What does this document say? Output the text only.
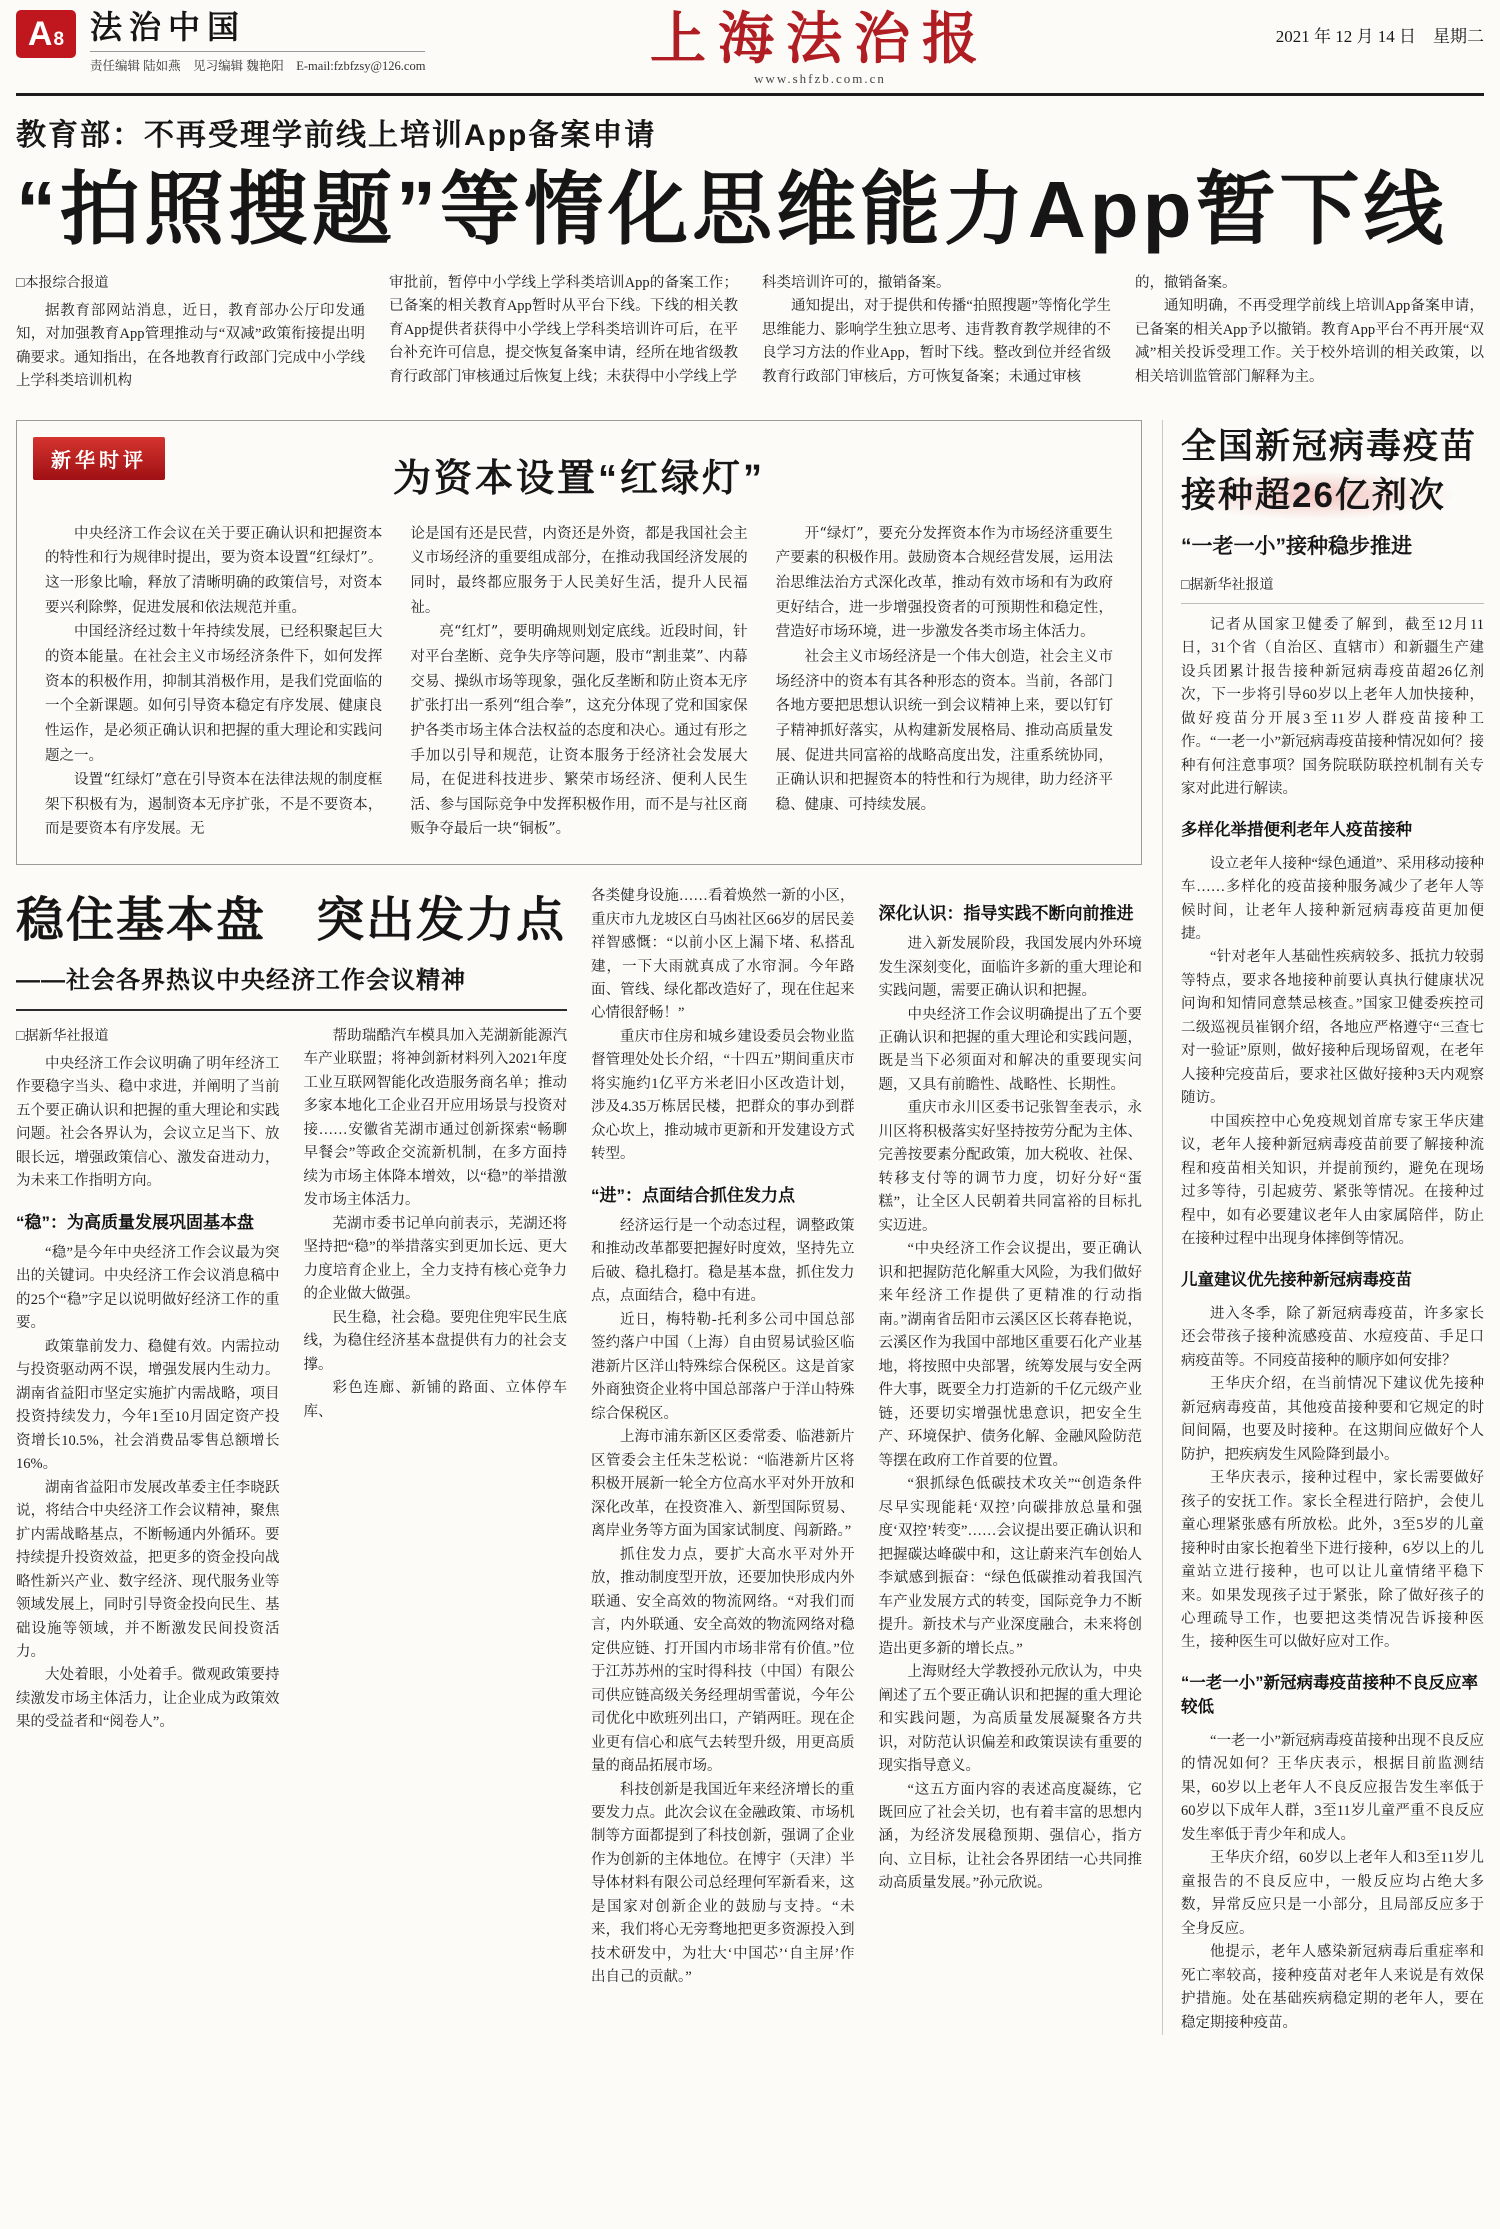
A 8 法治中国
责任编辑 陆如燕　见习编辑 魏艳阳　E-mail:fzbfzsy@126.com	上海法治报
www.shfzb.com.cn
2021 年 12 月 14 日　星期二
教育部：不再受理学前线上培训App备案申请
“拍照搜题”等惰化思维能力App暂下线
□本报综合报道

据教育部网站消息，近日，教育部办公厅印发通知，对加强教育App管理推动与“双减”政策衔接提出明确要求。通知指出，在各地教育行政部门完成中小学线上学科类培训机构

审批前，暂停中小学线上学科类培训App的备案工作；已备案的相关教育App暂时从平台下线。下线的相关教育App提供者获得中小学线上学科类培训许可后，在平台补充许可信息，提交恢复备案申请，经所在地省级教育行政部门审核通过后恢复上线；未获得中小学线上学

科类培训许可的，撤销备案。

通知提出，对于提供和传播“拍照搜题”等惰化学生思维能力、影响学生独立思考、违背教育教学规律的不良学习方法的作业App，暂时下线。整改到位并经省级教育行政部门审核后，方可恢复备案；未通过审核

的，撤销备案。

通知明确，不再受理学前线上培训App备案申请，已备案的相关App予以撤销。教育App平台不再开展“双减”相关投诉受理工作。关于校外培训的相关政策，以相关培训监管部门解释为主。

新华时评	为资本设置“红绿灯”

中央经济工作会议在关于要正确认识和把握资本的特性和行为规律时提出，要为资本设置“红绿灯”。这一形象比喻，释放了清晰明确的政策信号，对资本要兴利除弊，促进发展和依法规范并重。

中国经济经过数十年持续发展，已经积聚起巨大的资本能量。在社会主义市场经济条件下，如何发挥资本的积极作用，抑制其消极作用，是我们党面临的一个全新课题。如何引导资本稳定有序发展、健康良性运作，是必须正确认识和把握的重大理论和实践问题之一。

设置“红绿灯”意在引导资本在法律法规的制度框架下积极有为，遏制资本无序扩张，不是不要资本，而是要资本有序发展。无

论是国有还是民营，内资还是外资，都是我国社会主义市场经济的重要组成部分，在推动我国经济发展的同时，最终都应服务于人民美好生活，提升人民福祉。

亮“红灯”，要明确规则划定底线。近段时间，针对平台垄断、竞争失序等问题，股市“割韭菜”、内幕交易、操纵市场等现象，强化反垄断和防止资本无序扩张打出一系列“组合拳”，这充分体现了党和国家保护各类市场主体合法权益的态度和决心。通过有形之手加以引导和规范，让资本服务于经济社会发展大局，在促进科技进步、繁荣市场经济、便利人民生活、参与国际竞争中发挥积极作用，而不是与社区商贩争夺最后一块“铜板”。

开“绿灯”，要充分发挥资本作为市场经济重要生产要素的积极作用。鼓励资本合规经营发展，运用法治思维法治方式深化改革，推动有效市场和有为政府更好结合，进一步增强投资者的可预期性和稳定性，营造好市场环境，进一步激发各类市场主体活力。

社会主义市场经济是一个伟大创造，社会主义市场经济中的资本有其各种形态的资本。当前，各部门各地方要把思想认识统一到会议精神上来，要以钉钉子精神抓好落实，从构建新发展格局、推动高质量发展、促进共同富裕的战略高度出发，注重系统协同，正确认识和把握资本的特性和行为规律，助力经济平稳、健康、可持续发展。

稳住基本盘　突出发力点
——社会各界热议中央经济工作会议精神
□据新华社报道

中央经济工作会议明确了明年经济工作要稳字当头、稳中求进，并阐明了当前五个要正确认识和把握的重大理论和实践问题。社会各界认为，会议立足当下、放眼长远，增强政策信心、激发奋进动力，为未来工作指明方向。

“稳”：为高质量发展巩固基本盘

“稳”是今年中央经济工作会议最为突出的关键词。中央经济工作会议消息稿中的25个“稳”字足以说明做好经济工作的重要。

政策靠前发力、稳健有效。内需拉动与投资驱动两不误，增强发展内生动力。湖南省益阳市坚定实施扩内需战略，项目投资持续发力，今年1至10月固定资产投资增长10.5%，社会消费品零售总额增长16%。

湖南省益阳市发展改革委主任李晓跃说，将结合中央经济工作会议精神，聚焦扩内需战略基点，不断畅通内外循环。要持续提升投资效益，把更多的资金投向战略性新兴产业、数字经济、现代服务业等领域发展上，同时引导资金投向民生、基础设施等领域，并不断激发民间投资活力。

大处着眼，小处着手。微观政策要持续激发市场主体活力，让企业成为政策效果的受益者和“阅卷人”。

帮助瑞酷汽车模具加入芜湖新能源汽车产业联盟；将神剑新材料列入2021年度工业互联网智能化改造服务商名单；推动多家本地化工企业召开应用场景与投资对接……安徽省芜湖市通过创新探索“畅聊早餐会”等政企交流新机制，在多方面持续为市场主体降本增效，以“稳”的举措激发市场主体活力。

芜湖市委书记单向前表示，芜湖还将坚持把“稳”的举措落实到更加长远、更大力度培育企业上，全力支持有核心竞争力的企业做大做强。

民生稳，社会稳。要兜住兜牢民生底线，为稳住经济基本盘提供有力的社会支撑。

彩色连廊、新铺的路面、立体停车库、

各类健身设施……看着焕然一新的小区，重庆市九龙坡区白马凼社区66岁的居民姜祥智感慨：“以前小区上漏下堵、私搭乱建，一下大雨就真成了水帘洞。今年路面、管线、绿化都改造好了，现在住起来心情很舒畅！”

重庆市住房和城乡建设委员会物业监督管理处处长介绍，“十四五”期间重庆市将实施约1亿平方米老旧小区改造计划，涉及4.35万栋居民楼，把群众的事办到群众心坎上，推动城市更新和开发建设方式转型。

“进”：点面结合抓住发力点

经济运行是一个动态过程，调整政策和推动改革都要把握好时度效，坚持先立后破、稳扎稳打。稳是基本盘，抓住发力点，点面结合，稳中有进。

近日，梅特勒-托利多公司中国总部签约落户中国（上海）自由贸易试验区临港新片区洋山特殊综合保税区。这是首家外商独资企业将中国总部落户于洋山特殊综合保税区。

上海市浦东新区区委常委、临港新片区管委会主任朱芝松说：“临港新片区将积极开展新一轮全方位高水平对外开放和深化改革，在投资准入、新型国际贸易、离岸业务等方面为国家试制度、闯新路。”

抓住发力点，要扩大高水平对外开放，推动制度型开放，还要加快形成内外联通、安全高效的物流网络。“对我们而言，内外联通、安全高效的物流网络对稳定供应链、打开国内市场非常有价值。”位于江苏苏州的宝时得科技（中国）有限公司供应链高级关务经理胡雪蕾说，今年公司优化中欧班列出口，产销两旺。现在企业更有信心和底气去转型升级，用更高质量的商品拓展市场。

科技创新是我国近年来经济增长的重要发力点。此次会议在金融政策、市场机制等方面都提到了科技创新，强调了企业作为创新的主体地位。在博宇（天津）半导体材料有限公司总经理何军新看来，这是国家对创新企业的鼓励与支持。“未来，我们将心无旁骛地把更多资源投入到技术研发中，为壮大‘中国芯’‘自主屏’作出自己的贡献。”

深化认识：指导实践不断向前推进

进入新发展阶段，我国发展内外环境发生深刻变化，面临许多新的重大理论和实践问题，需要正确认识和把握。

中央经济工作会议明确提出了五个要正确认识和把握的重大理论和实践问题，既是当下必须面对和解决的重要现实问题，又具有前瞻性、战略性、长期性。

重庆市永川区委书记张智奎表示，永川区将积极落实好坚持按劳分配为主体、完善按要素分配政策，加大税收、社保、转移支付等的调节力度，切好分好“蛋糕”，让全区人民朝着共同富裕的目标扎实迈进。

“中央经济工作会议提出，要正确认识和把握防范化解重大风险，为我们做好来年经济工作提供了更精准的行动指南。”湖南省岳阳市云溪区区长蒋春艳说，云溪区作为我国中部地区重要石化产业基地，将按照中央部署，统筹发展与安全两件大事，既要全力打造新的千亿元级产业链，还要切实增强忧患意识，把安全生产、环境保护、债务化解、金融风险防范等摆在政府工作首要的位置。

“狠抓绿色低碳技术攻关”“创造条件尽早实现能耗‘双控’向碳排放总量和强度‘双控’转变”……会议提出要正确认识和把握碳达峰碳中和，这让蔚来汽车创始人李斌感到振奋：“绿色低碳推动着我国汽车产业发展方式的转变，国际竞争力不断提升。新技术与产业深度融合，未来将创造出更多新的增长点。”

上海财经大学教授孙元欣认为，中央阐述了五个要正确认识和把握的重大理论和实践问题，为高质量发展凝聚各方共识，对防范认识偏差和政策误读有重要的现实指导意义。

“这五方面内容的表述高度凝练，它既回应了社会关切，也有着丰富的思想内涵，为经济发展稳预期、强信心，指方向、立目标，让社会各界团结一心共同推动高质量发展。”孙元欣说。

全国新冠病毒疫苗
接种超26亿剂次
“一老一小”接种稳步推进
□据新华社报道

记者从国家卫健委了解到，截至12月11日，31个省（自治区、直辖市）和新疆生产建设兵团累计报告接种新冠病毒疫苗超26亿剂次，下一步将引导60岁以上老年人加快接种，做好疫苗分开展3至11岁人群疫苗接种工作。“一老一小”新冠病毒疫苗接种情况如何？接种有何注意事项？国务院联防联控机制有关专家对此进行解读。

多样化举措便利老年人疫苗接种

设立老年人接种“绿色通道”、采用移动接种车……多样化的疫苗接种服务减少了老年人等候时间，让老年人接种新冠病毒疫苗更加便捷。

“针对老年人基础性疾病较多、抵抗力较弱等特点，要求各地接种前要认真执行健康状况问询和知情同意禁忌核查。”国家卫健委疾控司二级巡视员崔钢介绍，各地应严格遵守“三查七对一验证”原则，做好接种后现场留观，在老年人接种完疫苗后，要求社区做好接种3天内观察随访。

中国疾控中心免疫规划首席专家王华庆建议，老年人接种新冠病毒疫苗前要了解接种流程和疫苗相关知识，并提前预约，避免在现场过多等待，引起疲劳、紧张等情况。在接种过程中，如有必要建议老年人由家属陪伴，防止在接种过程中出现身体摔倒等情况。

儿童建议优先接种新冠病毒疫苗

进入冬季，除了新冠病毒疫苗，许多家长还会带孩子接种流感疫苗、水痘疫苗、手足口病疫苗等。不同疫苗接种的顺序如何安排？

王华庆介绍，在当前情况下建议优先接种新冠病毒疫苗，其他疫苗接种要和它规定的时间间隔，也要及时接种。在这期间应做好个人防护，把疾病发生风险降到最小。

王华庆表示，接种过程中，家长需要做好孩子的安抚工作。家长全程进行陪护，会使儿童心理紧张感有所放松。此外，3至5岁的儿童接种时由家长抱着坐下进行接种，6岁以上的儿童站立进行接种，也可以让儿童情绪平稳下来。如果发现孩子过于紧张，除了做好孩子的心理疏导工作，也要把这类情况告诉接种医生，接种医生可以做好应对工作。

“一老一小”新冠病毒疫苗接种不良反应率较低

“一老一小”新冠病毒疫苗接种出现不良反应的情况如何？王华庆表示，根据目前监测结果，60岁以上老年人不良反应报告发生率低于60岁以下成年人群，3至11岁儿童严重不良反应发生率低于青少年和成人。

王华庆介绍，60岁以上老年人和3至11岁儿童报告的不良反应中，一般反应均占绝大多数，异常反应只是一小部分，且局部反应多于全身反应。

他提示，老年人感染新冠病毒后重症率和死亡率较高，接种疫苗对老年人来说是有效保护措施。处在基础疾病稳定期的老年人，要在稳定期接种疫苗。
